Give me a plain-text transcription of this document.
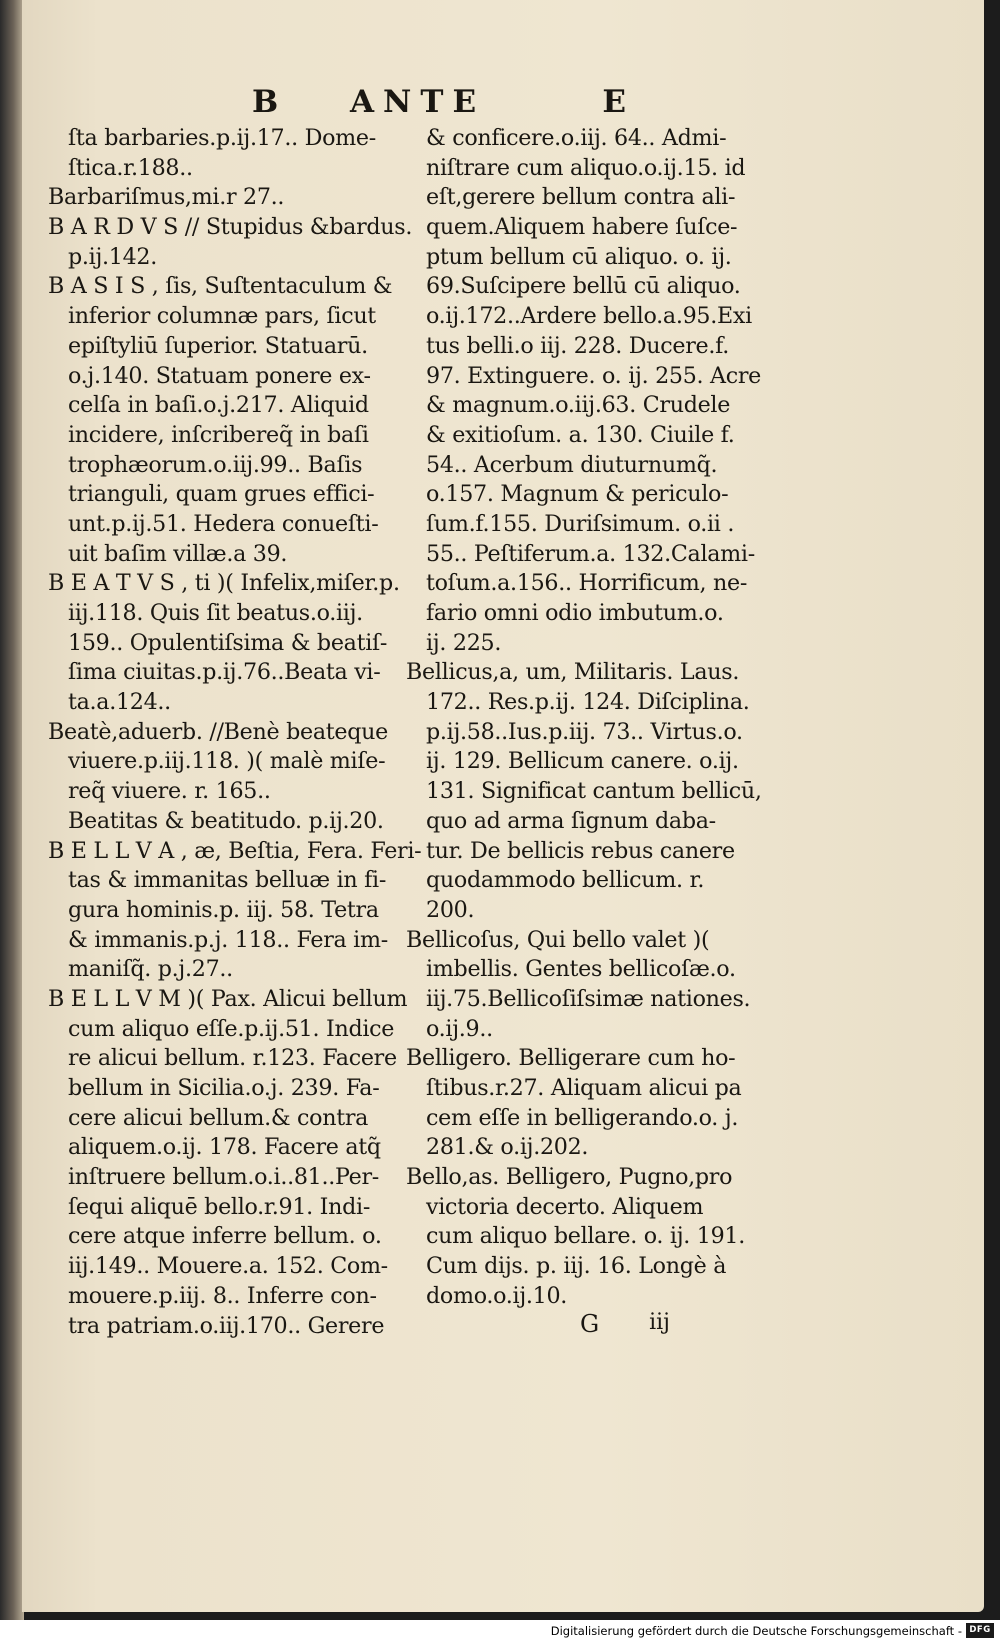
B ANTE	E
ſta barbaries.p.ij.17.. Dome-
ſtica.r.188..
Barbariſmus,mi.r 27..
B A R D V S // Stupidus &bardus.
p.ij.142.
B A S I S , ſis, Suſtentaculum &
inferior columnæ pars, ſicut
epiſtyliū ſuperior. Statuarū.
o.j.140. Statuam ponere ex-
celſa in baſi.o.j.217. Aliquid
incidere, inſcribereq̃ in baſi
trophæorum.o.iij.99.. Baſis
trianguli, quam grues effici-
unt.p.ij.51. Hedera conueſti-
uit baſim villæ.a 39.
B E A T V S , ti )( Infelix,miſer.p.
iij.118. Quis ſit beatus.o.iij.
159.. Opulentiſsima & beatiſ-
ſima ciuitas.p.ij.76..Beata vi-
ta.a.124..
Beatè,aduerb. //Benè beateque
viuere.p.iij.118. )( malè miſe-
req̃ viuere. r. 165..
Beatitas & beatitudo. p.ij.20.
B E L L V A , æ, Beſtia, Fera. Feri-
tas & immanitas belluæ in fi-
gura hominis.p. iij. 58. Tetra
& immanis.p.j. 118.. Fera im-
maniſq̃. p.j.27..
B E L L V M )( Pax. Alicui bellum
cum aliquo eſſe.p.ij.51. Indice
re alicui bellum. r.123. Facere
bellum in Sicilia.o.j. 239. Fa-
cere alicui bellum.& contra
aliquem.o.ij. 178. Facere atq̃
inſtruere bellum.o.i..81..Per-
ſequi aliquē bello.r.91. Indi-
cere atque inferre bellum. o.
iij.149.. Mouere.a. 152. Com-
mouere.p.iij. 8.. Inferre con-
tra patriam.o.iij.170.. Gerere
& conficere.o.iij. 64.. Admi-
niſtrare cum aliquo.o.ij.15. id
eſt,gerere bellum contra ali-
quem.Aliquem habere ſuſce-
ptum bellum cū aliquo. o. ij.
69.Suſcipere bellū cū aliquo.
o.ij.172..Ardere bello.a.95.Exi
tus belli.o iij. 228. Ducere.f.
97. Extinguere. o. ij. 255. Acre
& magnum.o.iij.63. Crudele
& exitioſum. a. 130. Ciuile f.
54.. Acerbum diuturnumq̃.
o.157. Magnum & periculo-
ſum.f.155. Duriſsimum. o.ii .
55.. Peſtiferum.a. 132.Calami-
toſum.a.156.. Horrificum, ne-
fario omni odio imbutum.o.
ij. 225.
Bellicus,a, um, Militaris. Laus.
172.. Res.p.ij. 124. Diſciplina.
p.ij.58..Ius.p.iij. 73.. Virtus.o.
ij. 129. Bellicum canere. o.ij.
131. Significat cantum bellicū,
quo ad arma ſignum daba-
tur. De bellicis rebus canere
quodammodo bellicum. r.
200.
Bellicoſus, Qui bello valet )(
imbellis. Gentes bellicoſæ.o.
iij.75.Bellicoſiſsimæ nationes.
o.ij.9..
Belligero. Belligerare cum ho-
ſtibus.r.27. Aliquam alicui pa
cem eſſe in belligerando.o. j.
281.& o.ij.202.
Bello,as. Belligero, Pugno,pro
victoria decerto. Aliquem
cum aliquo bellare. o. ij. 191.
Cum dijs. p. iij. 16. Longè à
domo.o.ij.10.
G iij
Digitalisierung gefördert durch die Deutsche Forschungsgemeinschaft - DFG
